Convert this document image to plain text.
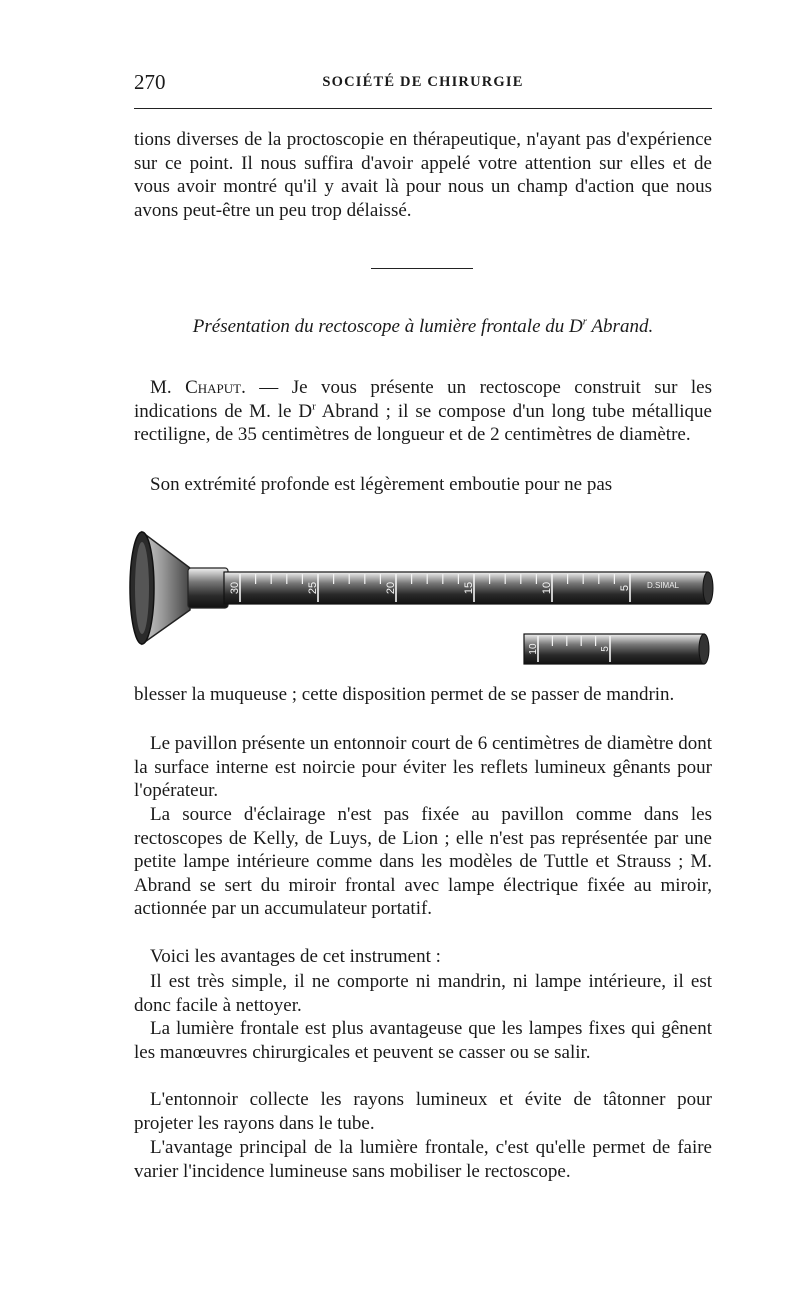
270	SOCIÉTÉ DE CHIRURGIE

tions diverses de la proctoscopie en thérapeutique, n'ayant pas d'expérience sur ce point. Il nous suffira d'avoir appelé votre attention sur elles et de vous avoir montré qu'il y avait là pour nous un champ d'action que nous avons peut-être un peu trop délaissé.

Présentation du rectoscope à lumière frontale du $D^r$ Abrand.

M. Chaput. — Je vous présente un rectoscope construit sur les indications de M. le $D^r$ Abrand ; il se compose d'un long tube métallique rectiligne, de 35 centimètres de longueur et de 2 centimètres de diamètre.

Son extrémité profonde est légèrement emboutie pour ne pas

30	25	20	15	10	5 D.SIMAL
10	5

blesser la muqueuse ; cette disposition permet de se passer de mandrin.

Le pavillon présente un entonnoir court de 6 centimètres de diamètre dont la surface interne est noircie pour éviter les reflets lumineux gênants pour l'opérateur.

La source d'éclairage n'est pas fixée au pavillon comme dans les rectoscopes de Kelly, de Luys, de Lion ; elle n'est pas représentée par une petite lampe intérieure comme dans les modèles de Tuttle et Strauss ; M. Abrand se sert du miroir frontal avec lampe électrique fixée au miroir, actionnée par un accumulateur portatif.

Voici les avantages de cet instrument :

Il est très simple, il ne comporte ni mandrin, ni lampe intérieure, il est donc facile à nettoyer.

La lumière frontale est plus avantageuse que les lampes fixes qui gênent les manœuvres chirurgicales et peuvent se casser ou se salir.

L'entonnoir collecte les rayons lumineux et évite de tâtonner pour projeter les rayons dans le tube.

L'avantage principal de la lumière frontale, c'est qu'elle permet de faire varier l'incidence lumineuse sans mobiliser le rectoscope.
